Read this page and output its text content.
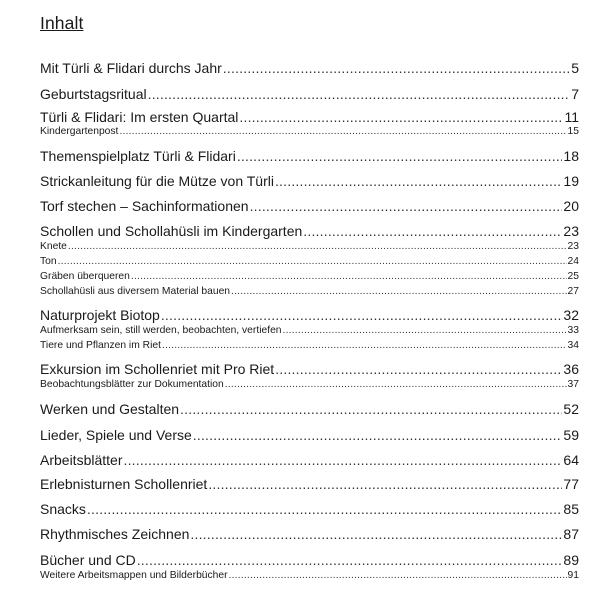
Inhalt
Mit Türli & Flidari durchs Jahr .....	5
Geburtstagsritual .....	7
Türli & Flidari: Im ersten Quartal .....	11
Kindergartenpost .....	15
Themenspielplatz Türli & Flidari .....	18
Strickanleitung für die Mütze von Türli .....	19
Torf stechen – Sachinformationen .....	20
Schollen und Schollahüsli im Kindergarten .....	23
Knete .....	23
Ton .....	24
Gräben überqueren .....	25
Schollahüsli aus diversem Material bauen .....	27
Naturprojekt Biotop .....	32
Aufmerksam sein, still werden, beobachten, vertiefen .....	33
Tiere und Pflanzen im Riet .....	34
Exkursion im Schollenriet mit Pro Riet .....	36
Beobachtungsblätter zur Dokumentation .....	37
Werken und Gestalten .....	52
Lieder, Spiele und Verse .....	59
Arbeitsblätter .....	64
Erlebnisturnen Schollenriet .....	77
Snacks .....	85
Rhythmisches Zeichnen .....	87
Bücher und CD .....	89
Weitere Arbeitsmappen und Bilderbücher .....	91
